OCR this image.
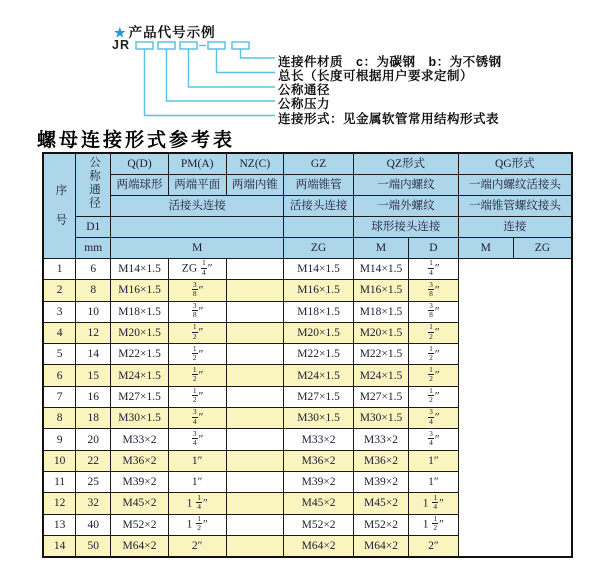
★ 产品代号示例
JR
连接件材质　c：为碳钢　b：为不锈钢
总长（长度可根据用户要求定制）
公称通径
公称压力
连接形式：见金属软管常用结构形式表
螺母连接形式参考表
序号	公称通径	Q(D)	PM(A)	NZ(C)	GZ	QZ形式		QG形式	
		两端球形	两端平面	两端内锥	两端锥管	一端内螺纹		一端内螺纹活接头	
		活接头连接			活接头连接	一端外螺纹		一端锥管螺纹接头	
	D1					球形接头连接		连接	
	mm	M			ZG	M	D	M	ZG
1	6	M14×1.5	ZG $\frac{1}{4}$ ″		M14×1.5	M14×1.5	$\frac{1}{4}$ ″		
2	8	M16×1.5	$\frac{3}{8}$ ″		M16×1.5	M16×1.5	$\frac{3}{8}$ ″		
3	10	M18×1.5	$\frac{3}{8}$ ″		M18×1.5	M18×1.5	$\frac{3}{8}$ ″		
4	12	M20×1.5	$\frac{1}{2}$ ″		M20×1.5	M20×1.5	$\frac{1}{2}$ ″		
5	14	M22×1.5	$\frac{1}{2}$ ″		M22×1.5	M22×1.5	$\frac{1}{2}$ ″		
6	15	M24×1.5	$\frac{1}{2}$ ″		M24×1.5	M24×1.5	$\frac{1}{2}$ ″		
7	16	M27×1.5	$\frac{1}{2}$ ″		M27×1.5	M27×1.5	$\frac{1}{2}$ ″		
8	18	M30×1.5	$\frac{3}{4}$ ″		M30×1.5	M30×1.5	$\frac{3}{4}$ ″		
9	20	M33×2	$\frac{3}{4}$ ″		M33×2	M33×2	$\frac{3}{4}$ ″		
10	22	M36×2	1″		M36×2	M36×2	1″		
11	25	M39×2	1″		M39×2	M39×2	1″		
12	32	M45×2	$1 \frac{1}{4}$ ″		M45×2	M45×2	$1 \frac{1}{4}$ ″		
13	40	M52×2	$1 \frac{1}{2}$ ″		M52×2	M52×2	$1 \frac{1}{2}$ ″		
14	50	M64×2	2″		M64×2	M64×2	2″		
